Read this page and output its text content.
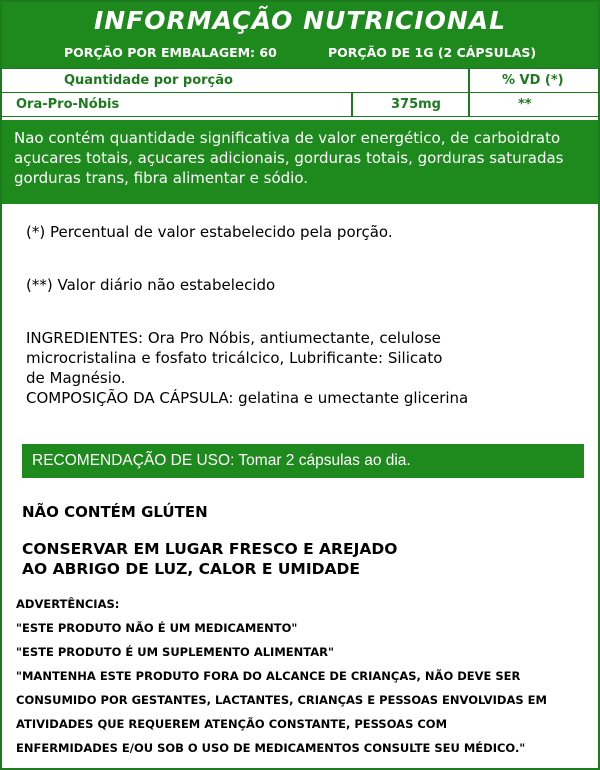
INFORMAÇÃO NUTRICIONAL
PORÇÃO POR EMBALAGEM: 60	PORÇÃO DE 1G (2 CÁPSULAS)
Quantidade por porção	% VD (*)
Ora-Pro-Nóbis	375mg	**
Nao contém quantidade significativa de valor energético, de carboidrato açucares totais, açucares adicionais, gorduras totais, gorduras saturadas gorduras trans, fibra alimentar e sódio.
(*) Percentual de valor estabelecido pela porção.
(**) Valor diário não estabelecido
INGREDIENTES: Ora Pro Nóbis, antiumectante, celulose
microcristalina e fosfato tricálcico, Lubrificante: Silicato
de Magnésio.
COMPOSIÇÃO DA CÁPSULA: gelatina e umectante glicerina
RECOMENDAÇÃO DE USO: Tomar 2 cápsulas ao dia.
NÃO CONTÉM GLÚTEN
CONSERVAR EM LUGAR FRESCO E AREJADO
AO ABRIGO DE LUZ, CALOR E UMIDADE
ADVERTÊNCIAS:
"ESTE PRODUTO NÃO É UM MEDICAMENTO"
"ESTE PRODUTO É UM SUPLEMENTO ALIMENTAR"
"MANTENHA ESTE PRODUTO FORA DO ALCANCE DE CRIANÇAS, NÃO DEVE SER
CONSUMIDO POR GESTANTES, LACTANTES, CRIANÇAS E PESSOAS ENVOLVIDAS EM
ATIVIDADES QUE REQUEREM ATENÇÃO CONSTANTE, PESSOAS COM
ENFERMIDADES E/OU SOB O USO DE MEDICAMENTOS CONSULTE SEU MÉDICO."
